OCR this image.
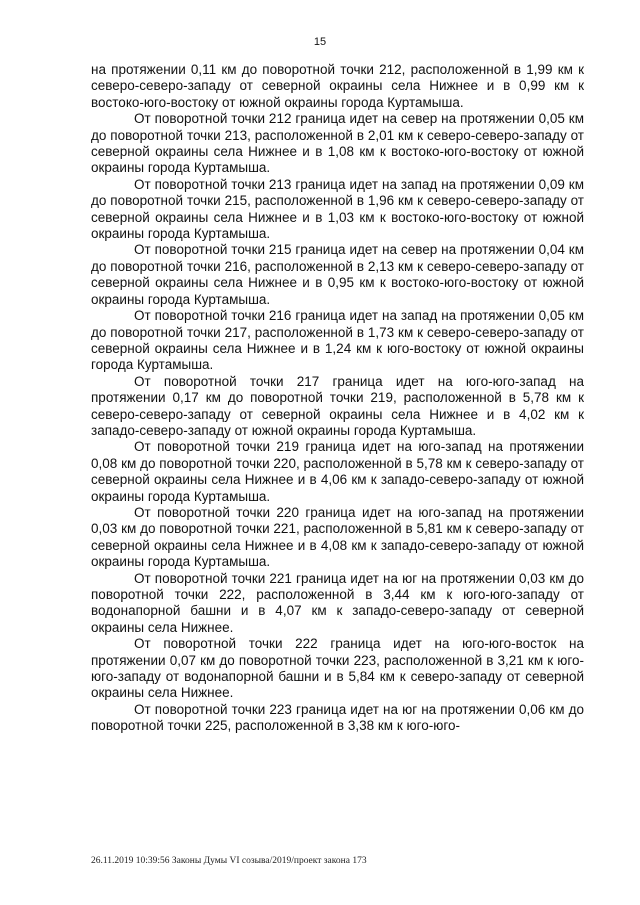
15

на протяжении 0,11 км до поворотной точки 212, расположенной в 1,99 км к северо-северо-западу от северной окраины села Нижнее и в 0,99 км к востоко-юго-востоку от южной окраины города Куртамыша.

От поворотной точки 212 граница идет на север на протяжении 0,05 км до поворотной точки 213, расположенной в 2,01 км к северо-северо-западу от северной окраины села Нижнее и в 1,08 км к востоко-юго-востоку от южной окраины города Куртамыша.

От поворотной точки 213 граница идет на запад на протяжении 0,09 км до поворотной точки 215, расположенной в 1,96 км к северо-северо-западу от северной окраины села Нижнее и в 1,03 км к востоко-юго-востоку от южной окраины города Куртамыша.

От поворотной точки 215 граница идет на север на протяжении 0,04 км до поворотной точки 216, расположенной в 2,13 км к северо-северо-западу от северной окраины села Нижнее и в 0,95 км к востоко-юго-востоку от южной окраины города Куртамыша.

От поворотной точки 216 граница идет на запад на протяжении 0,05 км до поворотной точки 217, расположенной в 1,73 км к северо-северо-западу от северной окраины села Нижнее и в 1,24 км к юго-востоку от южной окраины города Куртамыша.

От поворотной точки 217 граница идет на юго-юго-запад на протяжении 0,17 км до поворотной точки 219, расположенной в 5,78 км к северо-северо-западу от северной окраины села Нижнее и в 4,02 км к западо-северо-западу от южной окраины города Куртамыша.

От поворотной точки 219 граница идет на юго-запад на протяжении 0,08 км до поворотной точки 220, расположенной в 5,78 км к северо-западу от северной окраины села Нижнее и в 4,06 км к западо-северо-западу от южной окраины города Куртамыша.

От поворотной точки 220 граница идет на юго-запад на протяжении 0,03 км до поворотной точки 221, расположенной в 5,81 км к северо-западу от северной окраины села Нижнее и в 4,08 км к западо-северо-западу от южной окраины города Куртамыша.

От поворотной точки 221 граница идет на юг на протяжении 0,03 км до поворотной точки 222, расположенной в 3,44 км к юго-юго-западу от водонапорной башни и в 4,07 км к западо-северо-западу от северной окраины села Нижнее.

От поворотной точки 222 граница идет на юго-юго-восток на протяжении 0,07 км до поворотной точки 223, расположенной в 3,21 км к юго-юго-западу от водонапорной башни и в 5,84 км к северо-западу от северной окраины села Нижнее.

От поворотной точки 223 граница идет на юг на протяжении 0,06 км до поворотной точки 225, расположенной в 3,38 км к юго-юго-

26.11.2019 10:39:56 Законы Думы VI созыва/2019/проект закона 173
